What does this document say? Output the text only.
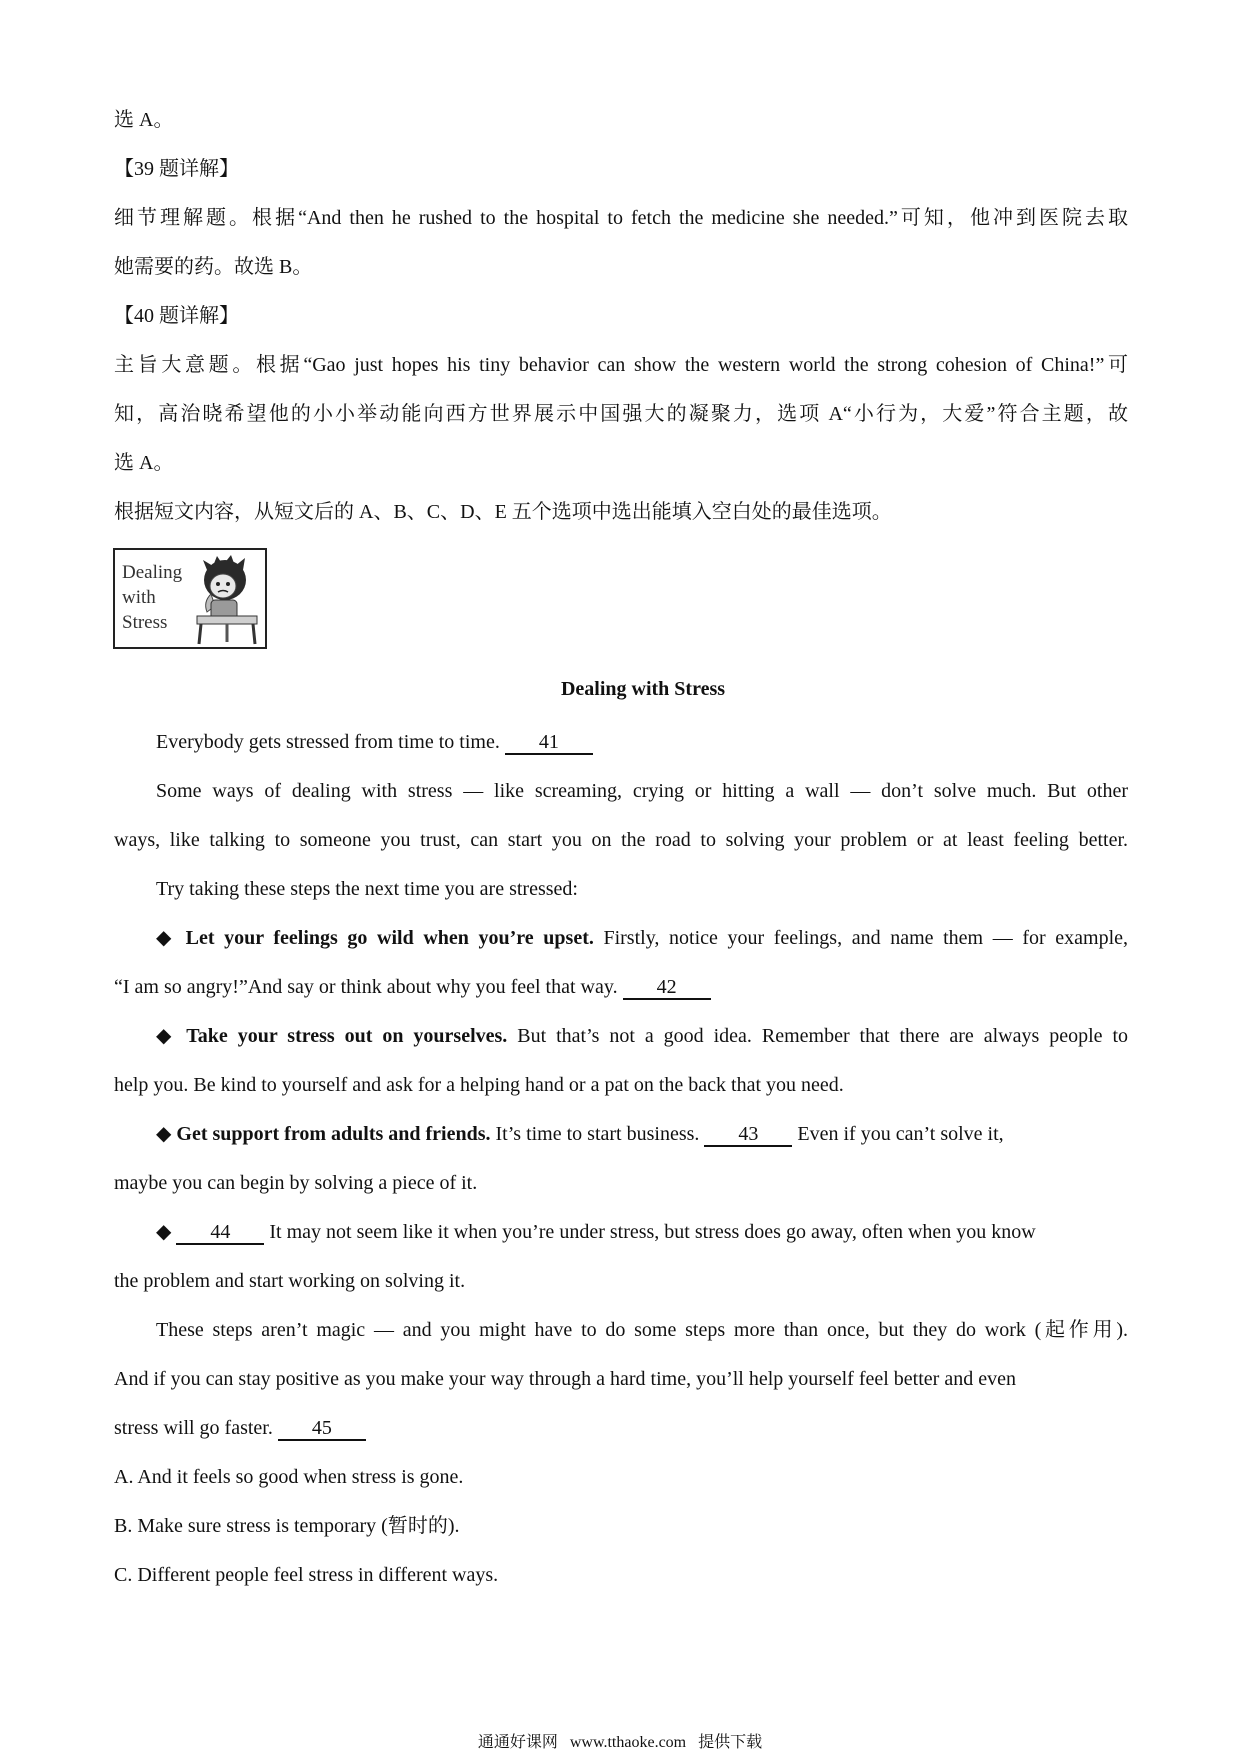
选 A。
【39 题详解】
细节理解题。根据“And then he rushed to the hospital to fetch the medicine she needed.”可知，他冲到医院去取
她需要的药。故选 B。
【40 题详解】
主旨大意题。根据“Gao just hopes his tiny behavior can show the western world the strong cohesion of China!”可
知，高治晓希望他的小小举动能向西方世界展示中国强大的凝聚力，选项 A“小行为，大爱”符合主题，故
选 A。
根据短文内容，从短文后的 A、B、C、D、E 五个选项中选出能填入空白处的最佳选项。
Dealing
with
Stress
Dealing with Stress
Everybody gets stressed from time to time. 41
Some ways of dealing with stress — like screaming, crying or hitting a wall — don’t solve much. But other
ways, like talking to someone you trust, can start you on the road to solving your problem or at least feeling better.
Try taking these steps the next time you are stressed:
◆ Let your feelings go wild when you’re upset. Firstly, notice your feelings, and name them — for example,
“I am so angry!”And say or think about why you feel that way. 42
◆ Take your stress out on yourselves. But that’s not a good idea. Remember that there are always people to
help you. Be kind to yourself and ask for a helping hand or a pat on the back that you need.
◆ Get support from adults and friends. It’s time to start business. 43 Even if you can’t solve it,
maybe you can begin by solving a piece of it.
◆ 44 It may not seem like it when you’re under stress, but stress does go away, often when you know
the problem and start working on solving it.
These steps aren’t magic — and you might have to do some steps more than once, but they do work (起作用).
And if you can stay positive as you make your way through a hard time, you’ll help yourself feel better and even
stress will go faster. 45
A. And it feels so good when stress is gone.
B. Make sure stress is temporary (暂时的).
C. Different people feel stress in different ways.
通通好课网 www.tthaoke.com 提供下载
